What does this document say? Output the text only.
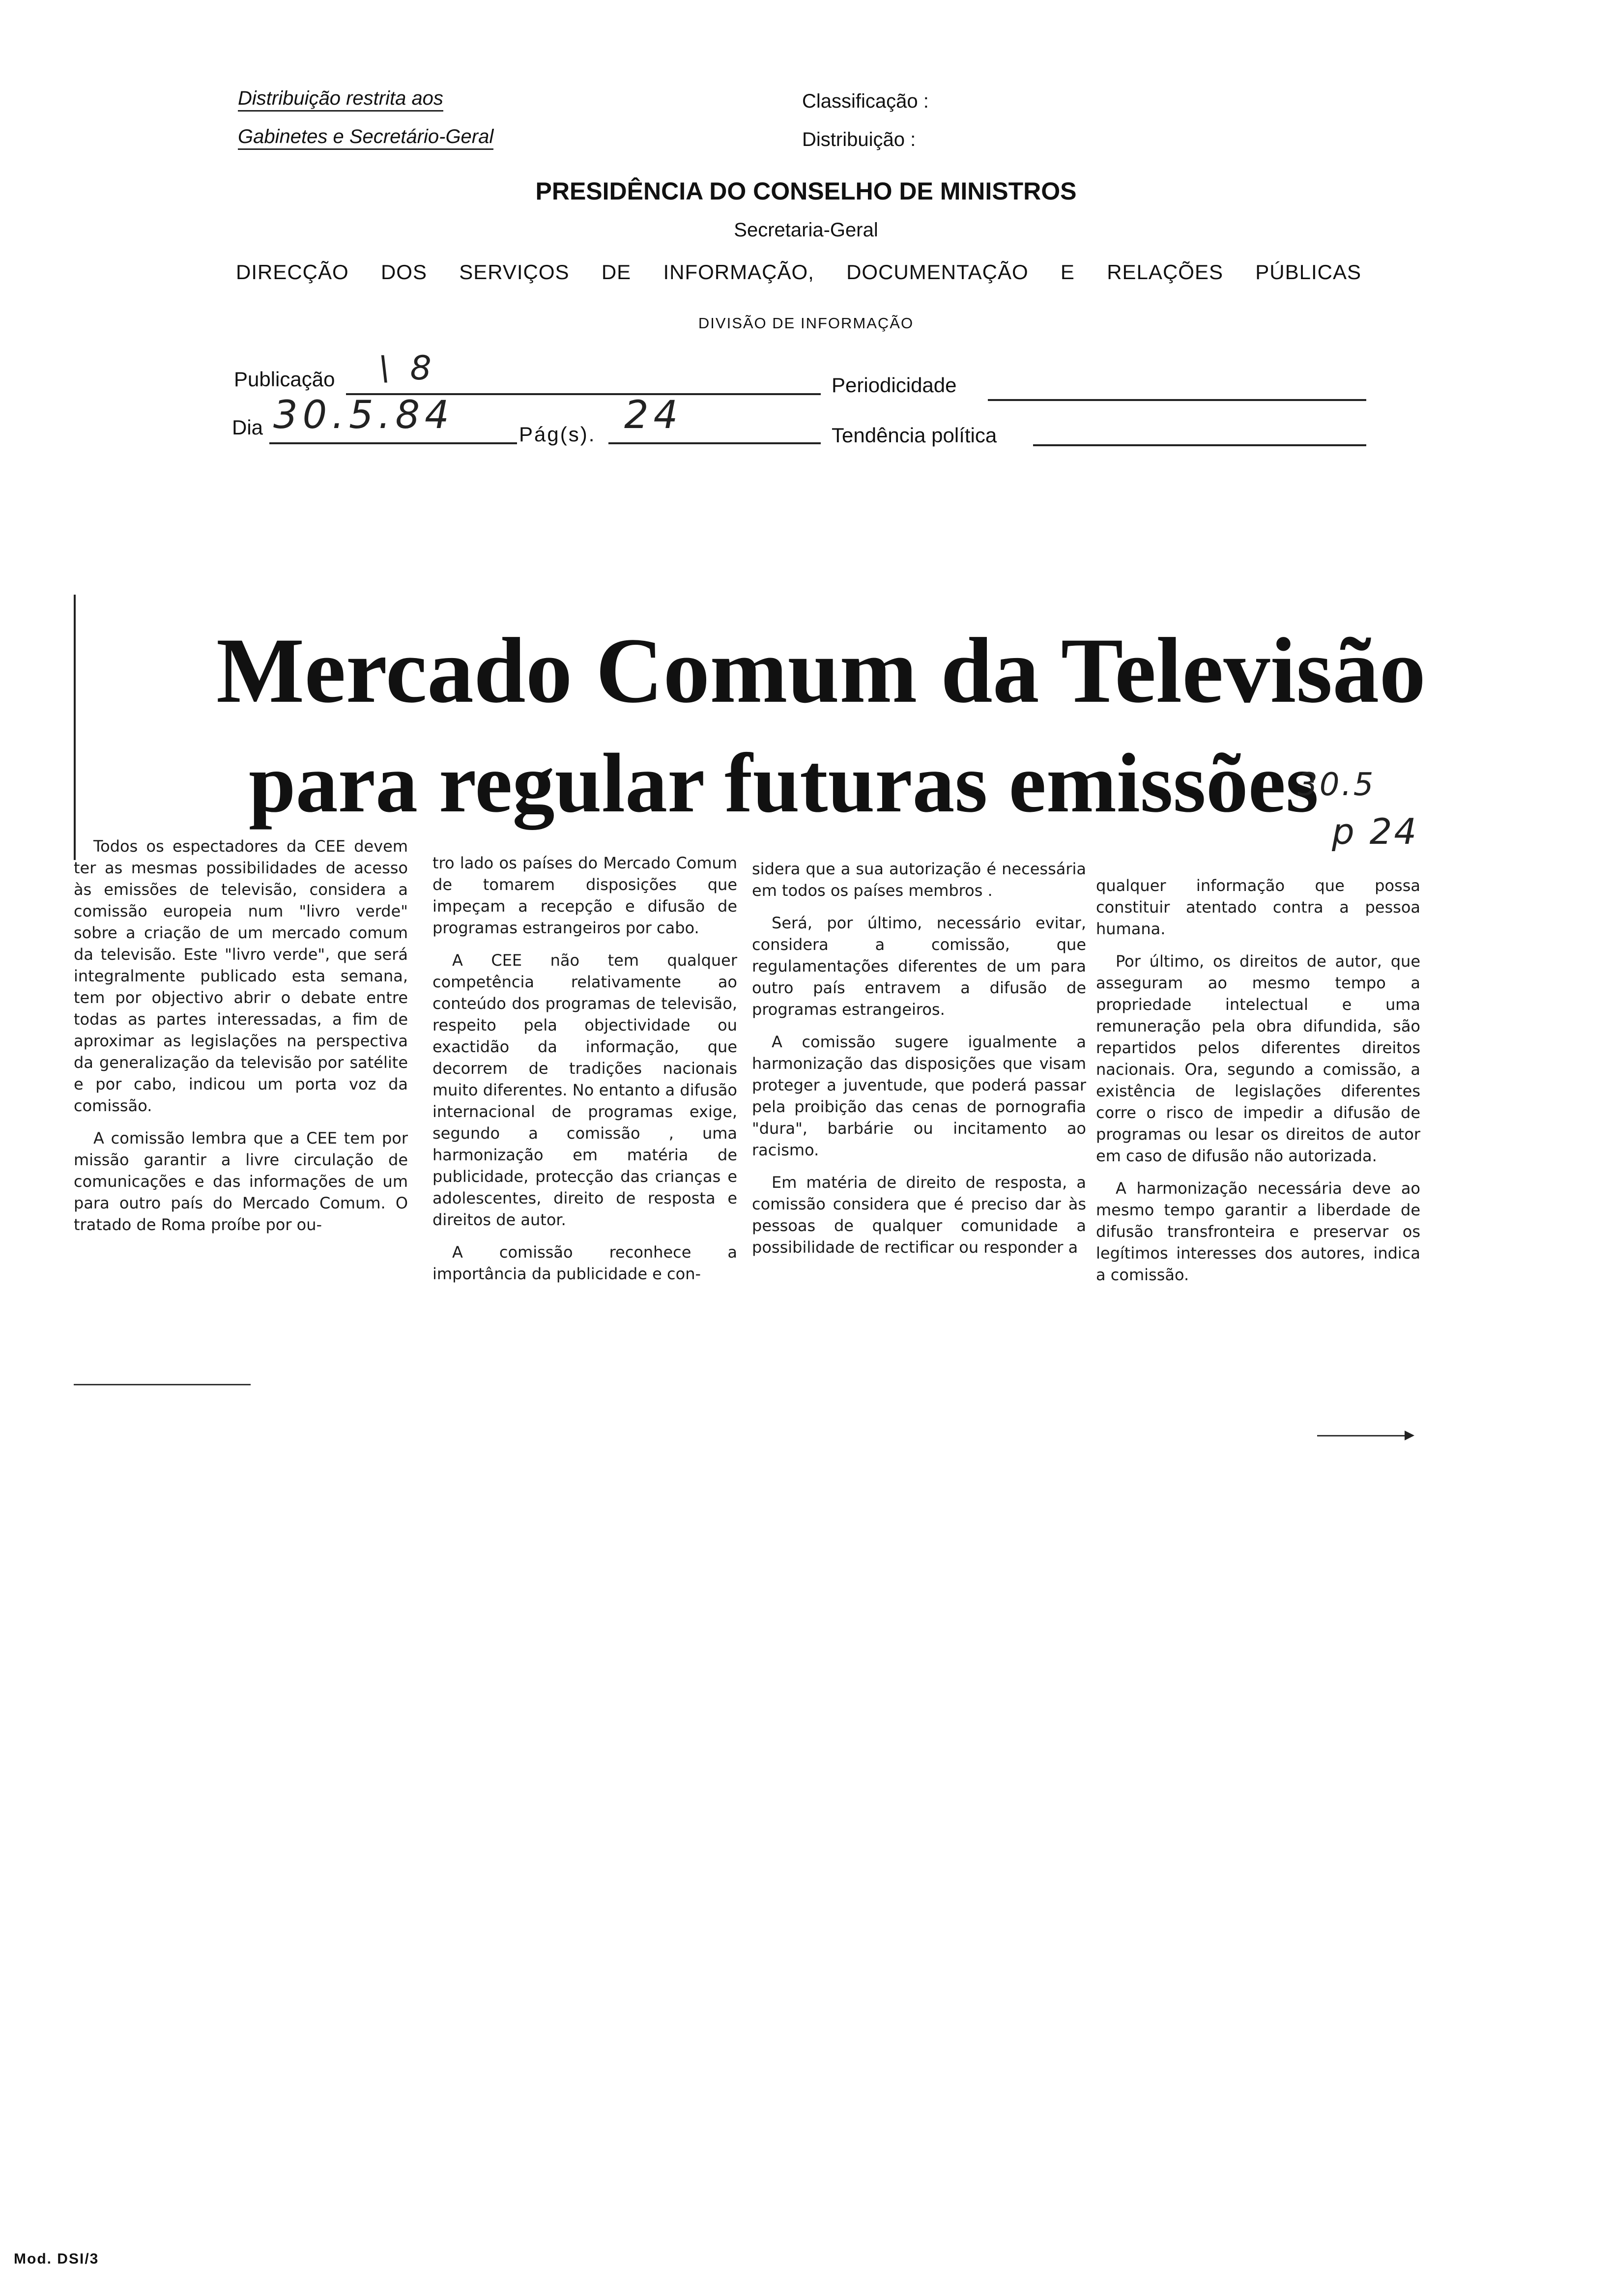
Distribuição restrita aos
Gabinetes e Secretário-Geral
Classificação :
Distribuição :
PRESIDÊNCIA DO CONSELHO DE MINISTROS
Secretaria-Geral
DIRECÇÃO DOS SERVIÇOS DE INFORMAÇÃO, DOCUMENTAÇÃO E RELAÇÕES PÚBLICAS
DIVISÃO DE INFORMAÇÃO
Publicação \ 8	Periodicidade
Dia 30.5.84	Pág(s). 24	Tendência política
Mercado Comum da Televisão
para regular futuras emissões
30.5
p 24

Todos os espectadores da CEE devem ter as mesmas possibilidades de acesso às emissões de televisão, considera a comissão europeia num "livro verde" sobre a criação de um mercado comum da televisão. Este "livro verde", que será integralmente publicado esta semana, tem por objectivo abrir o debate entre todas as partes interessadas, a fim de aproximar as legislações na perspectiva da generalização da televisão por satélite e por cabo, indicou um porta voz da comissão.

A comissão lembra que a CEE tem por missão garantir a livre circulação de comunicações e das informações de um para outro país do Mercado Comum. O tratado de Roma proíbe por ou-

tro lado os países do Mercado Comum de tomarem disposições que impeçam a recepção e difusão de programas estrangeiros por cabo.

A CEE não tem qualquer competência relativamente ao conteúdo dos programas de televisão, respeito pela objectividade ou exactidão da informação, que decorrem de tradições nacionais muito diferentes. No entanto a difusão internacional de programas exige, segundo a comissão , uma harmonização em matéria de publicidade, protecção das crianças e adolescentes, direito de resposta e direitos de autor.

A comissão reconhece a importância da publicidade e con-

sidera que a sua autorização é necessária em todos os países membros .

Será, por último, necessário evitar, considera a comissão, que regulamentações diferentes de um para outro país entravem a difusão de programas estrangeiros.

A comissão sugere igualmente a harmonização das disposições que visam proteger a juventude, que poderá passar pela proibição das cenas de pornografia "dura", barbárie ou incitamento ao racismo.

Em matéria de direito de resposta, a comissão considera que é preciso dar às pessoas de qualquer comunidade a possibilidade de rectificar ou responder a

qualquer informação que possa constituir atentado contra a pessoa humana.

Por último, os direitos de autor, que asseguram ao mesmo tempo a propriedade intelectual e uma remuneração pela obra difundida, são repartidos pelos diferentes direitos nacionais. Ora, segundo a comissão, a existência de legislações diferentes corre o risco de impedir a difusão de programas ou lesar os direitos de autor em caso de difusão não autorizada.

A harmonização necessária deve ao mesmo tempo garantir a liberdade de difusão transfronteira e preservar os legítimos interesses dos autores, indica a comissão.

Mod. DSI/3
